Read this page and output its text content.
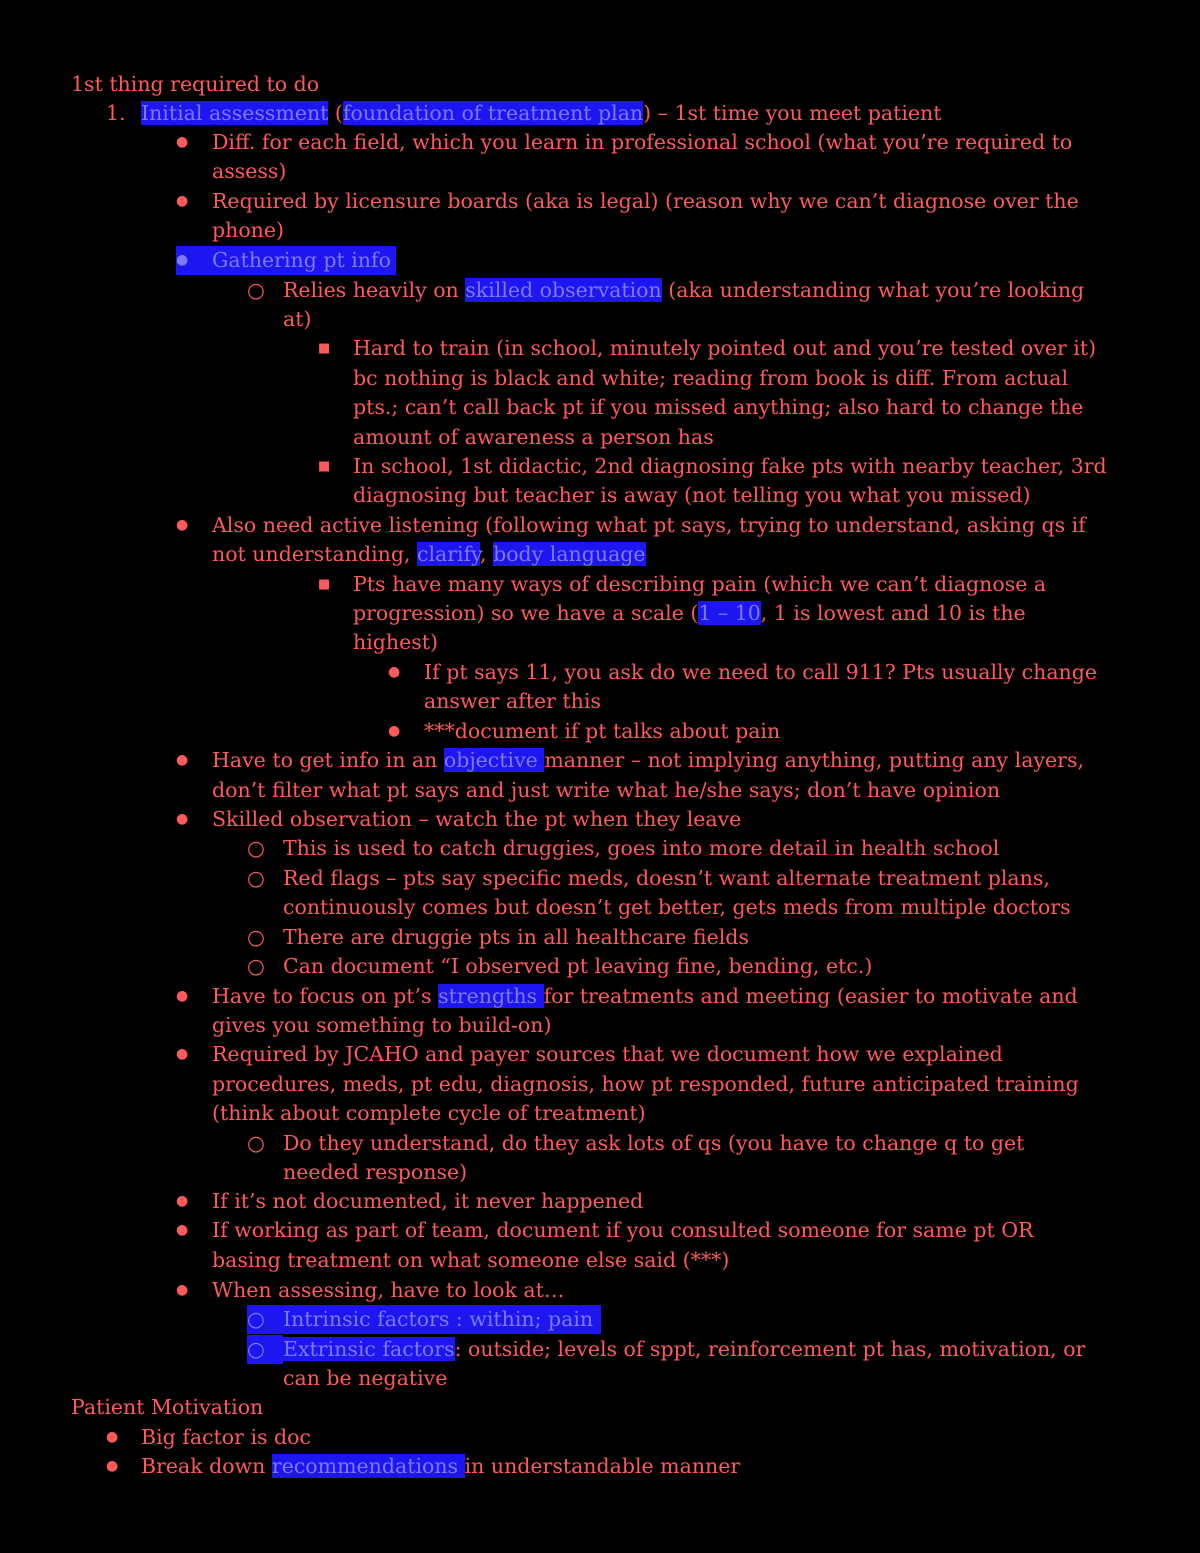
1st thing required to do
1. Initial assessment (foundation of treatment plan) – 1st time you meet patient
● Diff. for each field, which you learn in professional school (what you’re required to
assess)
● Required by licensure boards (aka is legal) (reason why we can’t diagnose over the
phone)
● Gathering pt info
○ Relies heavily on skilled observation (aka understanding what you’re looking
at)
■ Hard to train (in school, minutely pointed out and you’re tested over it)
bc nothing is black and white; reading from book is diff. From actual
pts.; can’t call back pt if you missed anything; also hard to change the
amount of awareness a person has
■ In school, 1st didactic, 2nd diagnosing fake pts with nearby teacher, 3rd
diagnosing but teacher is away (not telling you what you missed)
● Also need active listening (following what pt says, trying to understand, asking qs if
not understanding, clarify, body language
■ Pts have many ways of describing pain (which we can’t diagnose a
progression) so we have a scale (1 – 10, 1 is lowest and 10 is the
highest)
● If pt says 11, you ask do we need to call 911? Pts usually change
answer after this
● ***document if pt talks about pain
● Have to get info in an objective manner – not implying anything, putting any layers,
don’t filter what pt says and just write what he/she says; don’t have opinion
● Skilled observation – watch the pt when they leave
○ This is used to catch druggies, goes into more detail in health school
○ Red flags – pts say specific meds, doesn’t want alternate treatment plans,
continuously comes but doesn’t get better, gets meds from multiple doctors
○ There are druggie pts in all healthcare fields
○ Can document “I observed pt leaving fine, bending, etc.)
● Have to focus on pt’s strengths for treatments and meeting (easier to motivate and
gives you something to build-on)
● Required by JCAHO and payer sources that we document how we explained
procedures, meds, pt edu, diagnosis, how pt responded, future anticipated training
(think about complete cycle of treatment)
○ Do they understand, do they ask lots of qs (you have to change q to get
needed response)
● If it’s not documented, it never happened
● If working as part of team, document if you consulted someone for same pt OR
basing treatment on what someone else said (***)
● When assessing, have to look at…
○ Intrinsic factors : within; pain
○ Extrinsic factors: outside; levels of sppt, reinforcement pt has, motivation, or
can be negative
Patient Motivation
● Big factor is doc
● Break down recommendations in understandable manner
